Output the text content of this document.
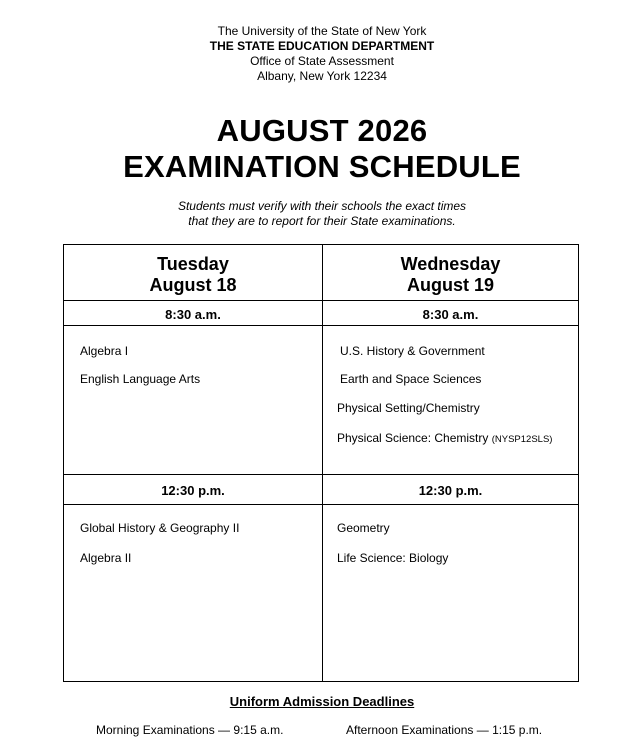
The University of the State of New York
THE STATE EDUCATION DEPARTMENT
Office of State Assessment
Albany, New York 12234
AUGUST 2026
EXAMINATION SCHEDULE
Students must verify with their schools the exact times
that they are to report for their State examinations.
Tuesday
August 18
8:30 a.m.
Algebra I
English Language Arts
12:30 p.m.
Global History & Geography II
Algebra II
Wednesday
August 19
8:30 a.m.
U.S. History & Government
Earth and Space Sciences
Physical Setting/Chemistry
Physical Science: Chemistry (NYSP12SLS)
12:30 p.m.
Geometry
Life Science: Biology
Uniform Admission Deadlines
Morning Examinations — 9:15 a.m.	Afternoon Examinations — 1:15 p.m.
